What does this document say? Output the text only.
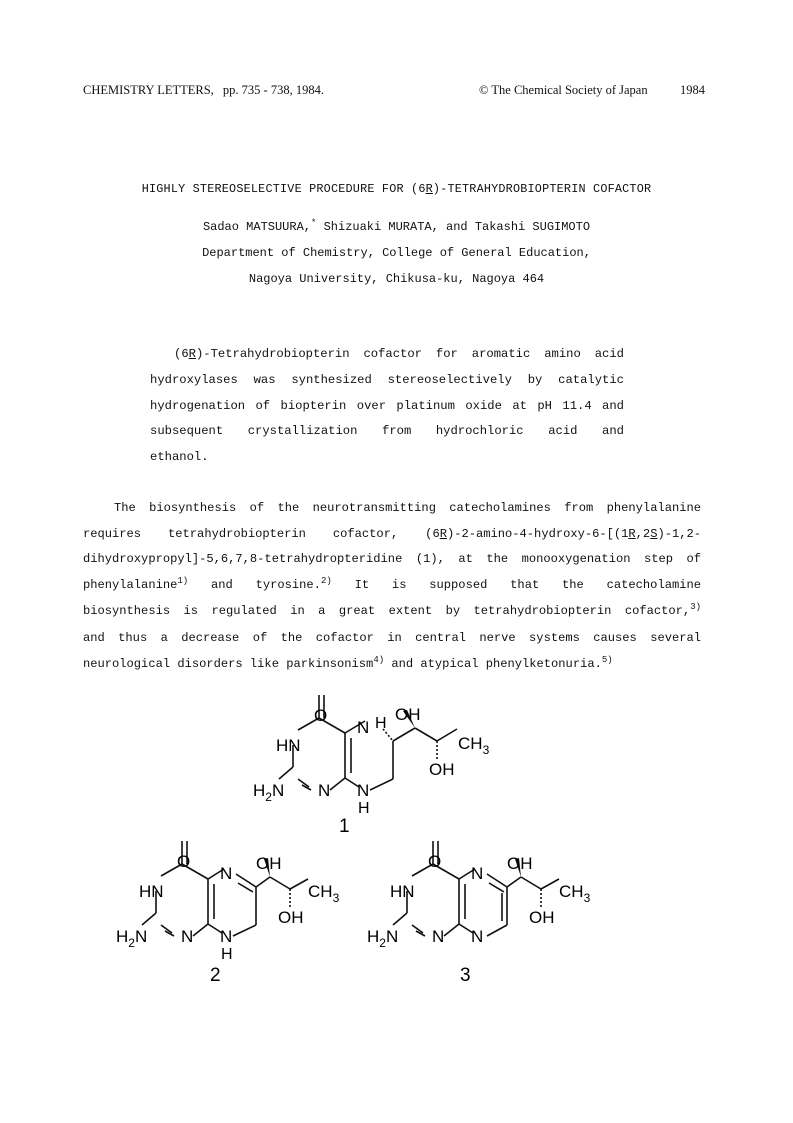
CHEMISTRY LETTERS, pp. 735 - 738, 1984.	© The Chemical Society of Japan	1984
HIGHLY STEREOSELECTIVE PROCEDURE FOR (6R)-TETRAHYDROBIOPTERIN COFACTOR
Sadao MATSUURA,* Shizuaki MURATA, and Takashi SUGIMOTO
Department of Chemistry, College of General Education,
Nagoya University, Chikusa-ku, Nagoya 464
(6R)-Tetrahydrobiopterin cofactor for aromatic amino acid
hydroxylases was synthesized stereoselectively by catalytic
hydrogenation of biopterin over platinum oxide at pH 11.4 and
subsequent crystallization from hydrochloric acid and
ethanol.
The biosynthesis of the neurotransmitting catecholamines from phenylalanine
requires tetrahydrobiopterin cofactor, (6R)-2-amino-4-hydroxy-6-[(1R,2S)-1,2-
dihydroxypropyl]-5,6,7,8-tetrahydropteridine (1), at the monooxygenation step of
phenylalanine$^{1)}$ and tyrosine.$^{2)}$ It is supposed that the catecholamine
biosynthesis is regulated in a great extent by tetrahydrobiopterin cofactor,$^{3)}$
and thus a decrease of the cofactor in central nerve systems causes several
neurological disorders like parkinsonism$^{4)}$ and atypical phenylketonuria.$^{5)}$
O	OH
N H
HN	$CH_3$
OH
$H_2N$ N N
H
1
O	OH
N
HN	$CH_3$
OH
$H_2N$ N N
H
2
O	OH
N
HN	$CH_3$
OH
$H_2N$ N N
3
